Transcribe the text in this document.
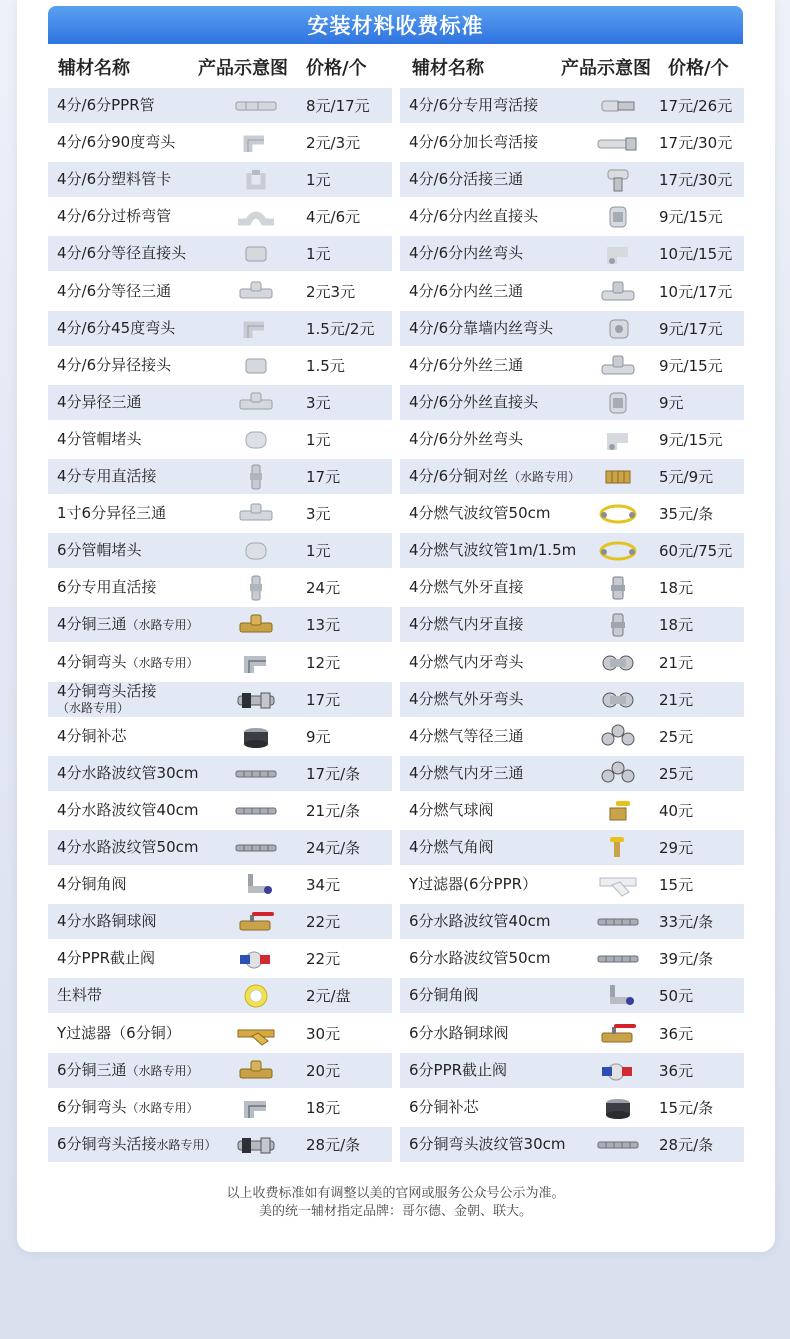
安装材料收费标准
辅材名称	产品示意图 价格/个	辅材名称	产品示意图 价格/个
4分/6分PPR管	8元/17元
4分/6分90度弯头	2元/3元
4分/6分塑料管卡	1元
4分/6分过桥弯管	4元/6元
4分/6分等径直接头	1元
4分/6分等径三通	2元3元
4分/6分45度弯头	1.5元/2元
4分/6分异径接头	1.5元
4分异径三通	3元
4分管帽堵头	1元
4分专用直活接	17元
1寸6分异径三通	3元
6分管帽堵头	1元
6分专用直活接	24元
4分铜三通（水路专用）	13元
4分铜弯头（水路专用）	12元
4分铜弯头活接
（水路专用）	17元
4分铜补芯	9元
4分水路波纹管30cm	17元/条
4分水路波纹管40cm	21元/条
4分水路波纹管50cm	24元/条
4分铜角阀	34元
4分水路铜球阀	22元
4分PPR截止阀	22元
生料带	2元/盘
Y过滤器（6分铜）	30元
6分铜三通（水路专用）	20元
6分铜弯头（水路专用）	18元
6分铜弯头活接水路专用）	28元/条
4分/6分专用弯活接	17元/26元
4分/6分加长弯活接	17元/30元
4分/6分活接三通	17元/30元
4分/6分内丝直接头	9元/15元
4分/6分内丝弯头	10元/15元
4分/6分内丝三通	10元/17元
4分/6分靠墙内丝弯头	9元/17元
4分/6分外丝三通	9元/15元
4分/6分外丝直接头	9元
4分/6分外丝弯头	9元/15元
4分/6分铜对丝（水路专用）	5元/9元
4分燃气波纹管50cm	35元/条
4分燃气波纹管1m/1.5m	60元/75元
4分燃气外牙直接	18元
4分燃气内牙直接	18元
4分燃气内牙弯头	21元
4分燃气外牙弯头	21元
4分燃气等径三通	25元
4分燃气内牙三通	25元
4分燃气球阀	40元
4分燃气角阀	29元
Y过滤器(6分PPR）	15元
6分水路波纹管40cm	33元/条
6分水路波纹管50cm	39元/条
6分铜角阀	50元
6分水路铜球阀	36元
6分PPR截止阀	36元
6分铜补芯	15元/条
6分铜弯头波纹管30cm	28元/条
以上收费标准如有调整以美的官网或服务公众号公示为准。
美的统一辅材指定品牌：哥尔德、金朝、联大。
